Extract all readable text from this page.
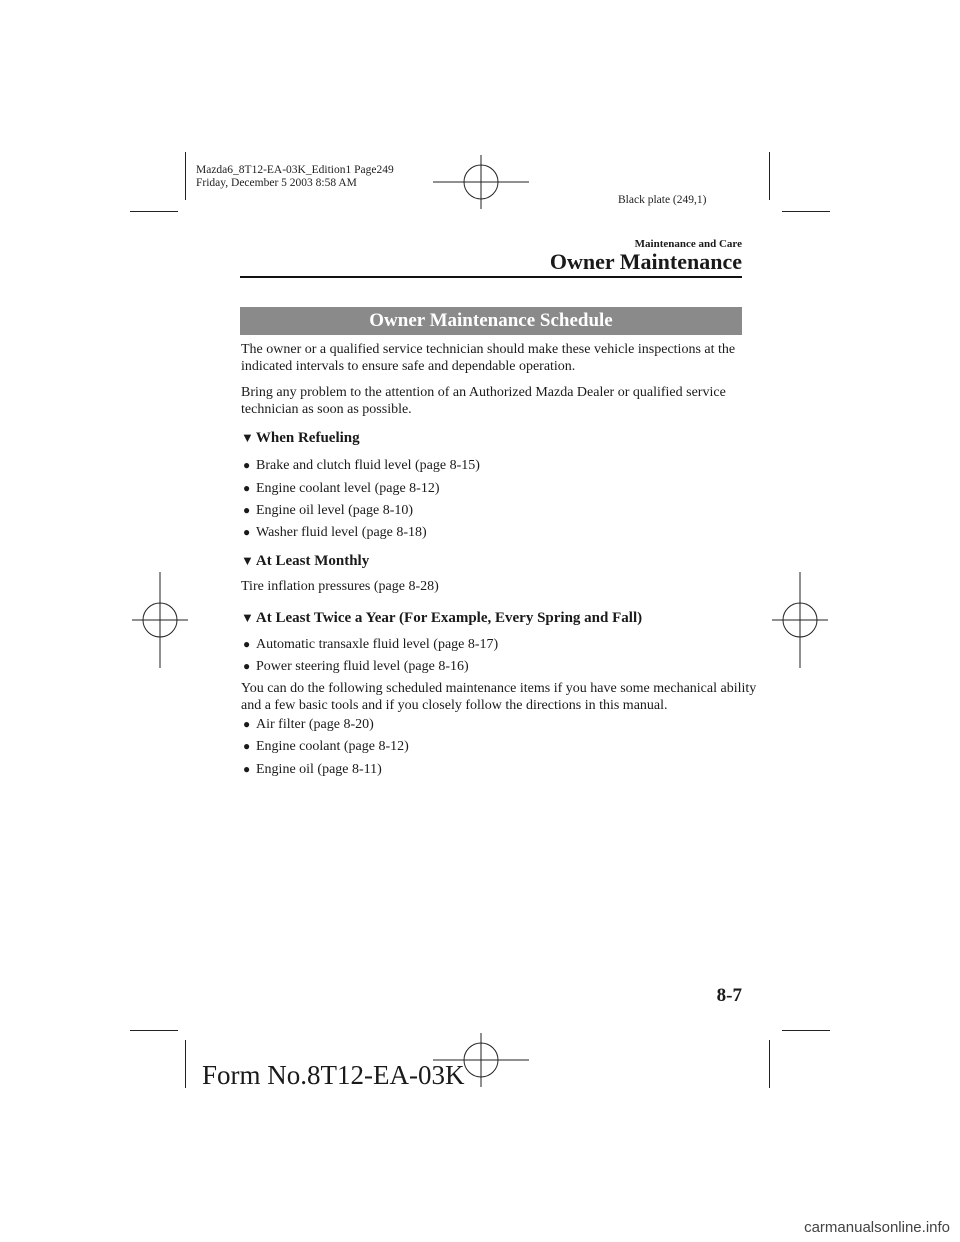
Mazda6_8T12-EA-03K_Edition1 Page249
Friday, December 5 2003 8:58 AM
Black plate (249,1)
Maintenance and Care
Owner Maintenance
Owner Maintenance Schedule
The owner or a qualified service technician should make these vehicle inspections at the indicated intervals to ensure safe and dependable operation.
Bring any problem to the attention of an Authorized Mazda Dealer or qualified service technician as soon as possible.
▼ When Refueling
● Brake and clutch fluid level (page 8-15)
● Engine coolant level (page 8-12)
● Engine oil level (page 8-10)
● Washer fluid level (page 8-18)
▼ At Least Monthly
Tire inflation pressures (page 8-28)
▼ At Least Twice a Year (For Example, Every Spring and Fall)
● Automatic transaxle fluid level (page 8-17)
● Power steering fluid level (page 8-16)
You can do the following scheduled maintenance items if you have some mechanical ability and a few basic tools and if you closely follow the directions in this manual.
● Air filter (page 8-20)
● Engine coolant (page 8-12)
● Engine oil (page 8-11)
8-7
Form No.8T12-EA-03K
carmanualsonline.info
